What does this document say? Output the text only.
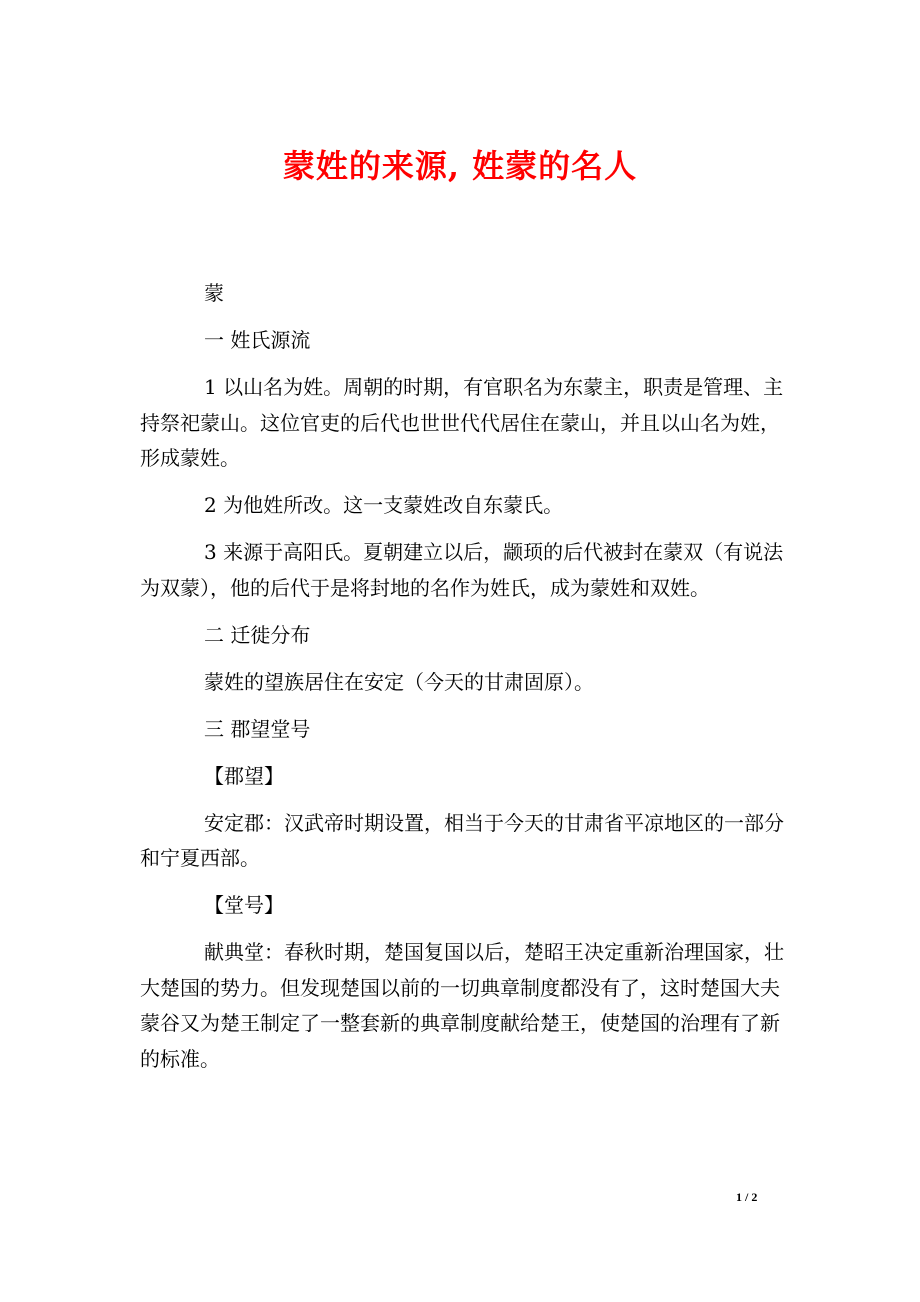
蒙姓的来源, 姓蒙的名人

蒙

一 姓氏源流

1 以山名为姓。周朝的时期，有官职名为东蒙主，职责是管理、主持祭祀蒙山。这位官吏的后代也世世代代居住在蒙山，并且以山名为姓，形成蒙姓。

2 为他姓所改。这一支蒙姓改自东蒙氏。

3 来源于高阳氏。夏朝建立以后，颛顼的后代被封在蒙双（有说法为双蒙），他的后代于是将封地的名作为姓氏，成为蒙姓和双姓。

二 迁徙分布

蒙姓的望族居住在安定（今天的甘肃固原）。

三 郡望堂号

【郡望】

安定郡：汉武帝时期设置，相当于今天的甘肃省平凉地区的一部分和宁夏西部。

【堂号】

献典堂：春秋时期，楚国复国以后，楚昭王决定重新治理国家，壮大楚国的势力。但发现楚国以前的一切典章制度都没有了，这时楚国大夫蒙谷又为楚王制定了一整套新的典章制度献给楚王，使楚国的治理有了新的标准。

1 / 2
